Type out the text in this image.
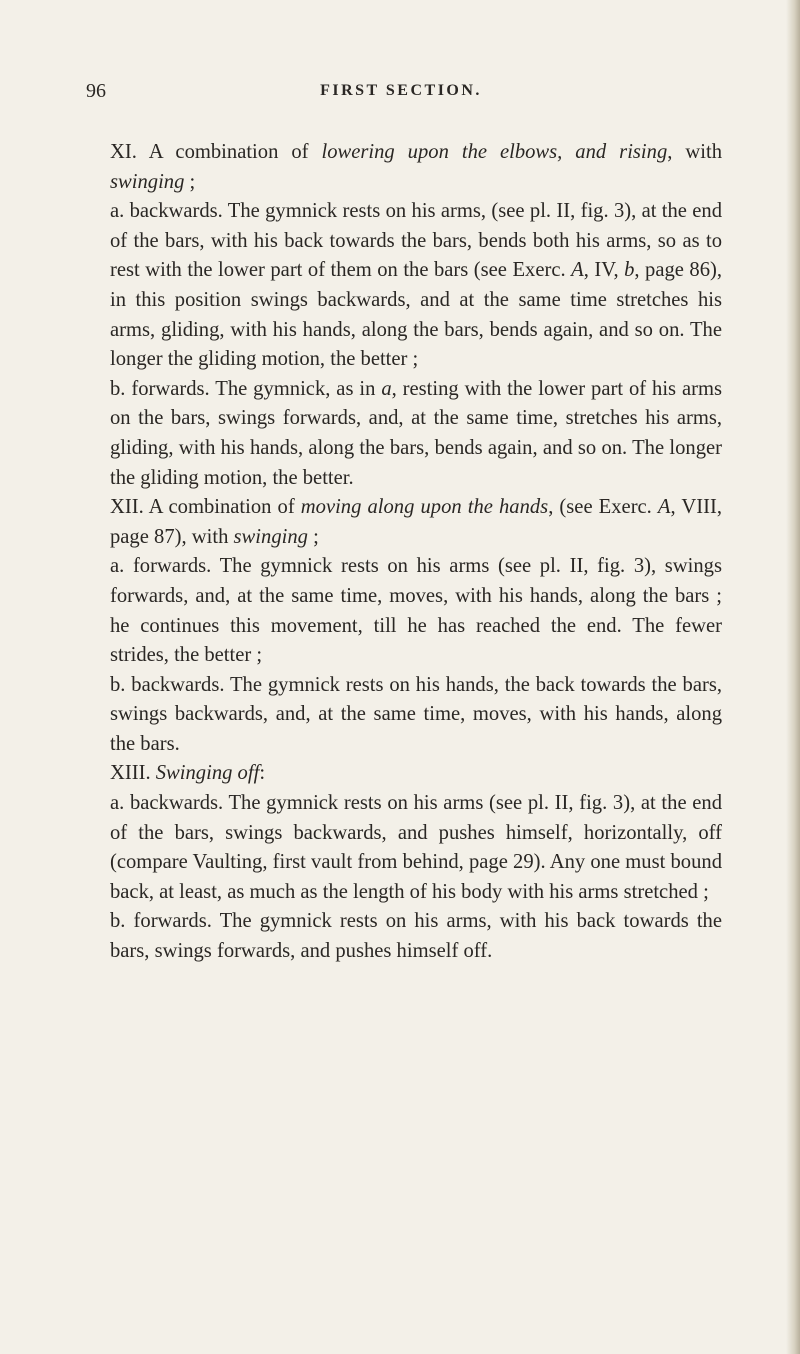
96	FIRST SECTION.

XI. A combination of lowering upon the elbows, and rising, with swinging ;

a. backwards. The gymnick rests on his arms, (see pl. II, fig. 3), at the end of the bars, with his back towards the bars, bends both his arms, so as to rest with the lower part of them on the bars (see Exerc. A, IV, b, page 86), in this position swings backwards, and at the same time stretches his arms, gliding, with his hands, along the bars, bends again, and so on. The longer the gliding motion, the better ;

b. forwards. The gymnick, as in a, resting with the lower part of his arms on the bars, swings forwards, and, at the same time, stretches his arms, gliding, with his hands, along the bars, bends again, and so on. The longer the gliding motion, the better.

XII. A combination of moving along upon the hands, (see Exerc. A, VIII, page 87), with swinging ;

a. forwards. The gymnick rests on his arms (see pl. II, fig. 3), swings forwards, and, at the same time, moves, with his hands, along the bars ; he continues this movement, till he has reached the end. The fewer strides, the better ;

b. backwards. The gymnick rests on his hands, the back towards the bars, swings backwards, and, at the same time, moves, with his hands, along the bars.

XIII. Swinging off:

a. backwards. The gymnick rests on his arms (see pl. II, fig. 3), at the end of the bars, swings backwards, and pushes himself, horizontally, off (compare Vaulting, first vault from behind, page 29). Any one must bound back, at least, as much as the length of his body with his arms stretched ;

b. forwards. The gymnick rests on his arms, with his back towards the bars, swings forwards, and pushes himself off.
